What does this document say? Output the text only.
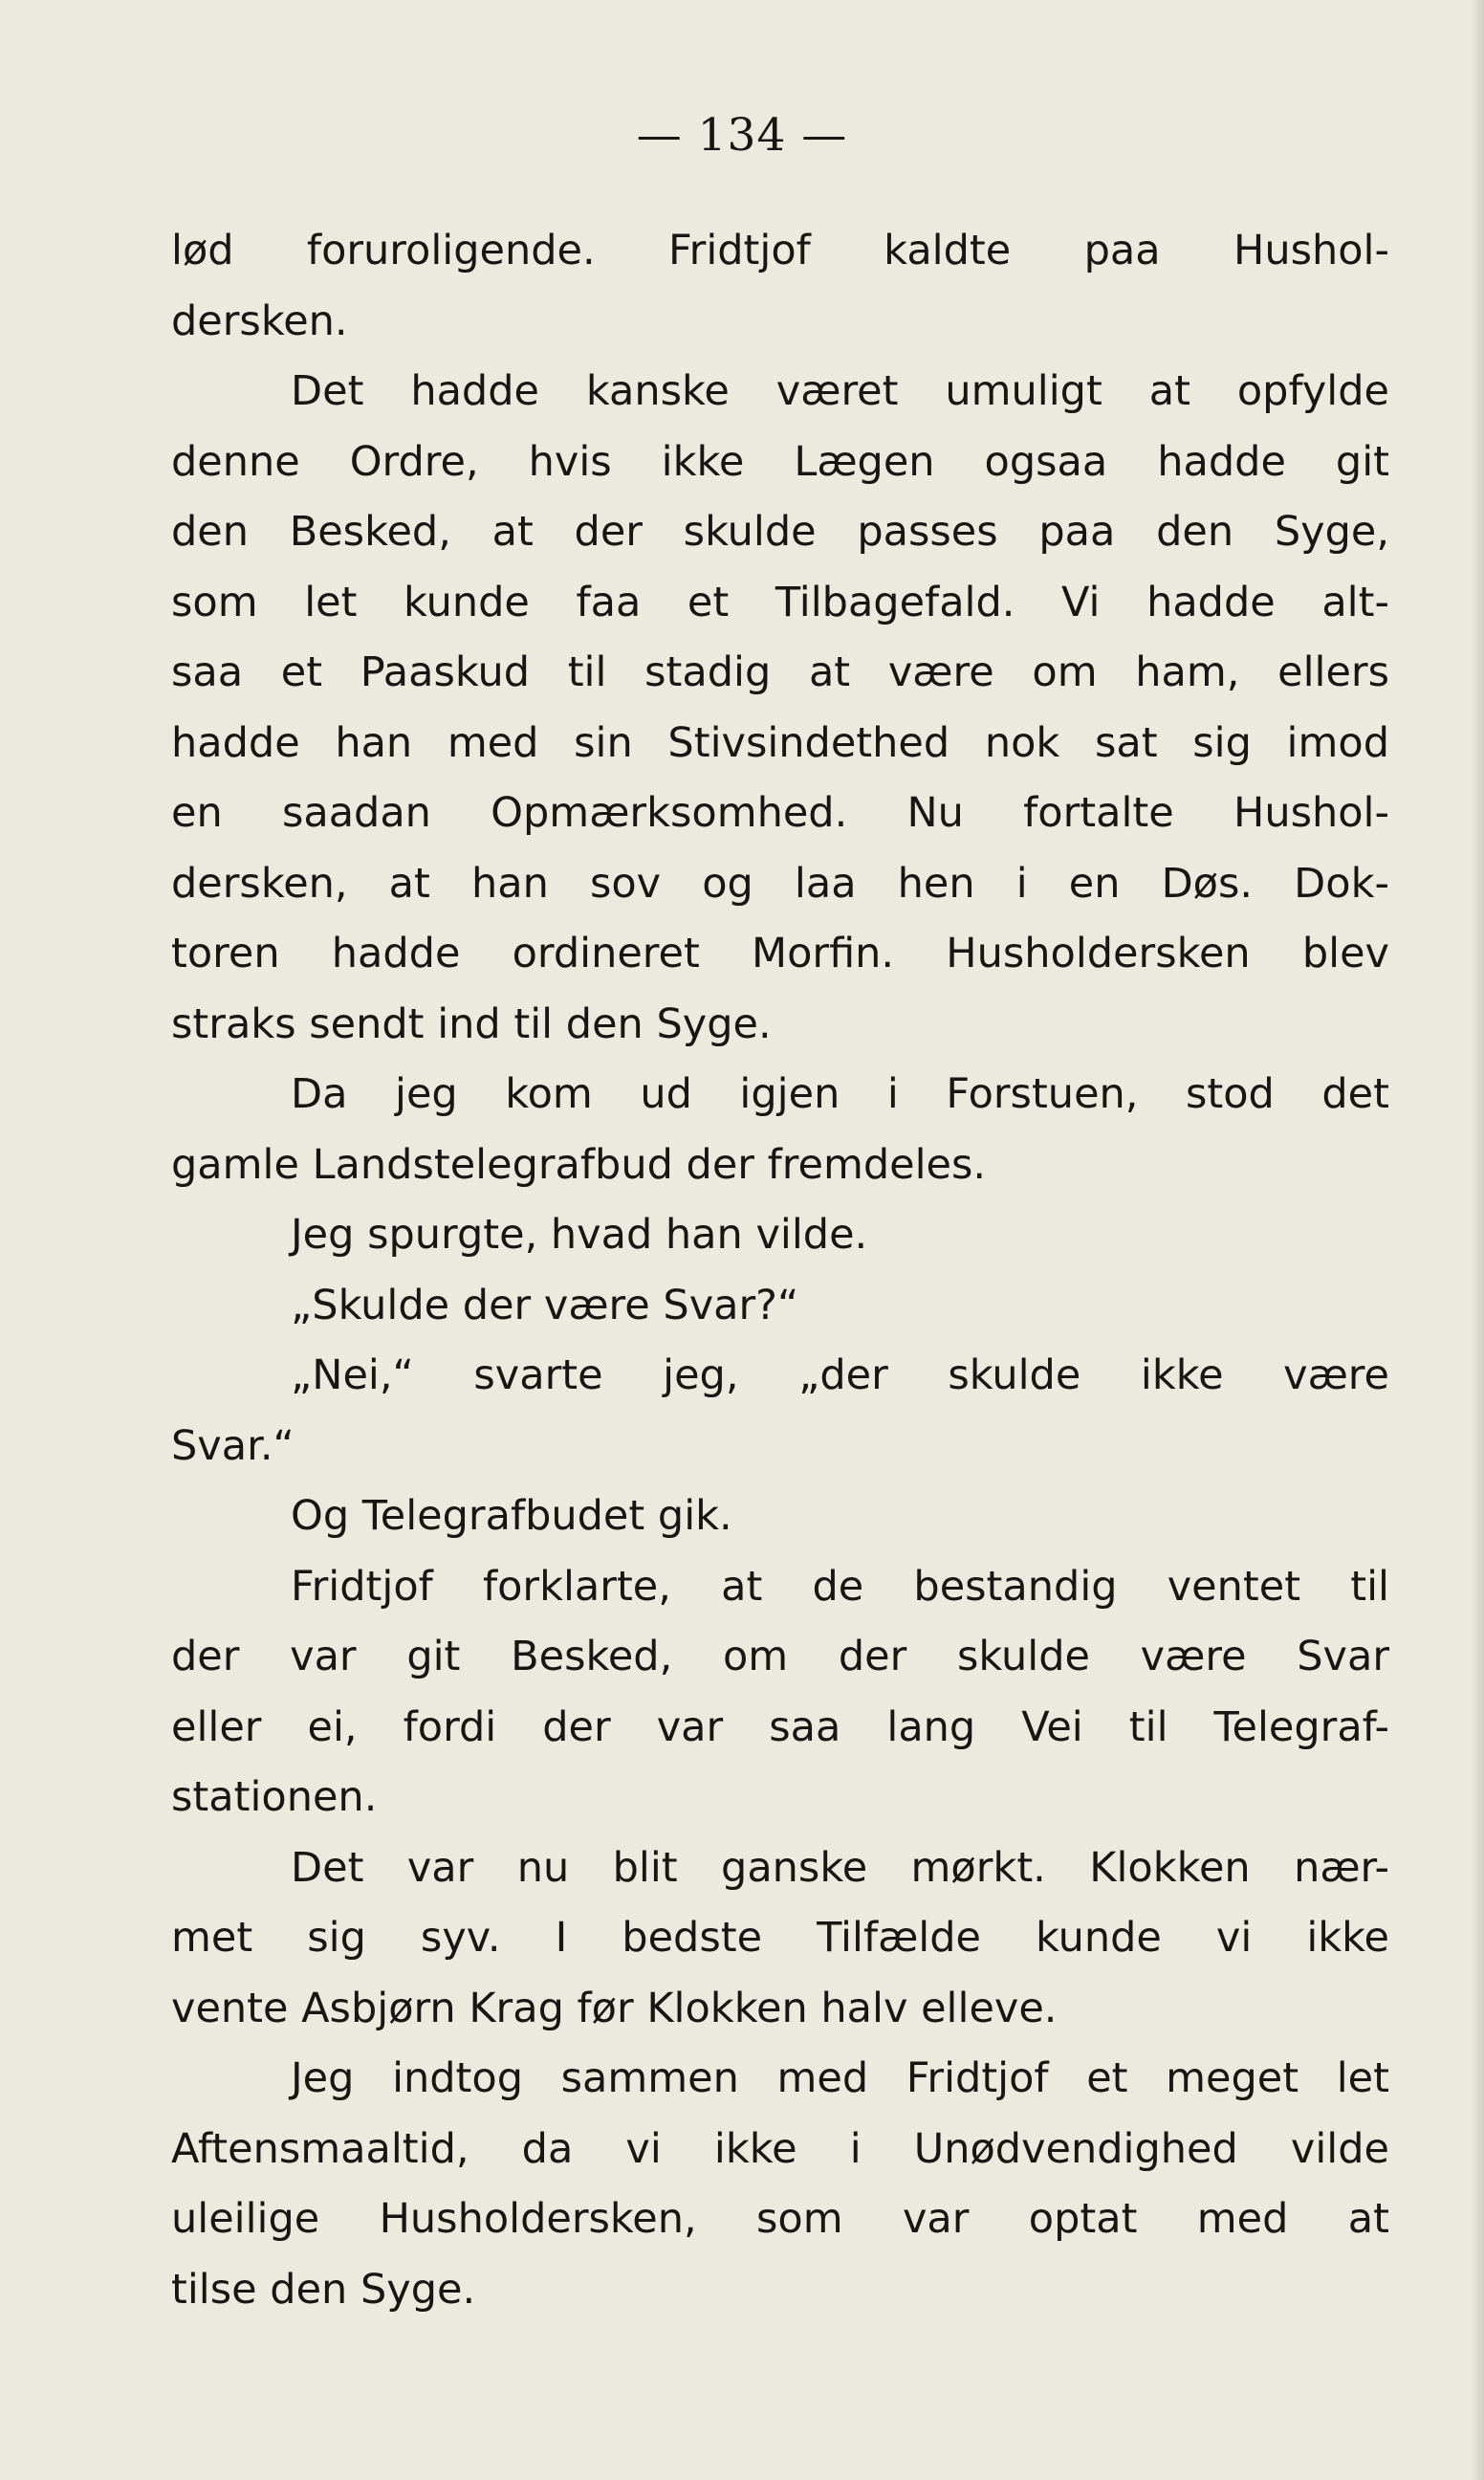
— 134 —
lød foruroligende. Fridtjof kaldte paa Hushol-
dersken.
Det hadde kanske været umuligt at opfylde
denne Ordre, hvis ikke Lægen ogsaa hadde git
den Besked, at der skulde passes paa den Syge,
som let kunde faa et Tilbagefald. Vi hadde alt-
saa et Paaskud til stadig at være om ham, ellers
hadde han med sin Stivsindethed nok sat sig imod
en saadan Opmærksomhed. Nu fortalte Hushol-
dersken, at han sov og laa hen i en Døs. Dok-
toren hadde ordineret Morfin. Husholdersken blev
straks sendt ind til den Syge.
Da jeg kom ud igjen i Forstuen, stod det
gamle Landstelegrafbud der fremdeles.
Jeg spurgte, hvad han vilde.
„Skulde der være Svar?“
„Nei,“ svarte jeg, „der skulde ikke være
Svar.“
Og Telegrafbudet gik.
Fridtjof forklarte, at de bestandig ventet til
der var git Besked, om der skulde være Svar
eller ei, fordi der var saa lang Vei til Telegraf-
stationen.
Det var nu blit ganske mørkt. Klokken nær-
met sig syv. I bedste Tilfælde kunde vi ikke
vente Asbjørn Krag før Klokken halv elleve.
Jeg indtog sammen med Fridtjof et meget let
Aftensmaaltid, da vi ikke i Unødvendighed vilde
uleilige Husholdersken, som var optat med at
tilse den Syge.
